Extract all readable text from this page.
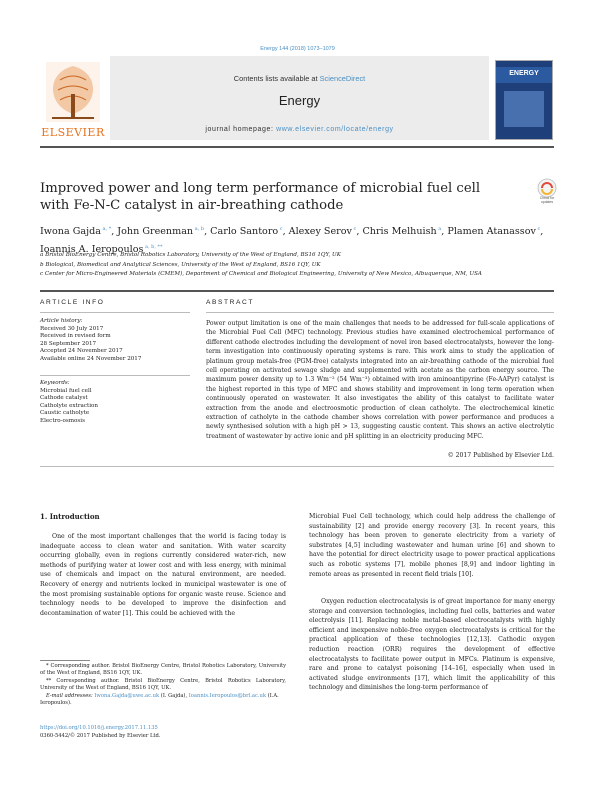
Energy 144 (2018) 1073–1079
ELSEVIER
Contents lists available at ScienceDirect
Energy
journal homepage: www.elsevier.com/locate/energy
ENERGY
Check for updates
Improved power and long term performance of microbial fuel cell with Fe-N-C catalyst in air-breathing cathode
Iwona Gajda $^{a, *}$, John Greenman $^{a, b}$, Carlo Santoro $^c$, Alexey Serov $^c$, Chris Melhuish $^a$, Plamen Atanassov $^c$, Ioannis A. Ieropoulos $^{a, b, **}$
a Bristol BioEnergy Centre, Bristol Robotics Laboratory, University of the West of England, BS16 1QY, UK
b Biological, Biomedical and Analytical Sciences, University of the West of England, BS16 1QY, UK
c Center for Micro-Engineered Materials (CMEM), Department of Chemical and Biological Engineering, University of New Mexico, Albuquerque, NM, USA
ARTICLE INFO
Article history:
Received 30 July 2017
Received in revised form
28 September 2017
Accepted 24 November 2017
Available online 24 November 2017
Keywords:
Microbial fuel cell
Cathode catalyst
Catholyte extraction
Caustic catholyte
Electro-osmosis
ABSTRACT
Power output limitation is one of the main challenges that needs to be addressed for full-scale applications of the Microbial Fuel Cell (MFC) technology. Previous studies have examined electrochemical performance of different cathode electrodes including the development of novel iron based electrocatalysts, however the long-term investigation into continuously operating systems is rare. This work aims to study the application of platinum group metals-free (PGM-free) catalysts integrated into an air-breathing cathode of the microbial fuel cell operating on activated sewage sludge and supplemented with acetate as the carbon energy source. The maximum power density up to 1.3 Wm⁻² (54 Wm⁻³) obtained with iron aminoantipyrine (Fe-AAPyr) catalyst is the highest reported in this type of MFC and shows stability and improvement in long term operation when continuously operated on wastewater. It also investigates the ability of this catalyst to facilitate water extraction from the anode and electroosmotic production of clean catholyte. The electrochemical kinetic extraction of catholyte in the cathode chamber shows correlation with power performance and produces a newly synthesised solution with a high pH > 13, suggesting caustic content. This shows an active electrolytic treatment of wastewater by active ionic and pH splitting in an electricity producing MFC.
© 2017 Published by Elsevier Ltd.
1. Introduction
One of the most important challenges that the world is facing today is inadequate access to clean water and sanitation. With water scarcity occurring globally, even in regions currently considered water-rich, new methods of purifying water at lower cost and with less energy, with minimal use of chemicals and impact on the natural environment, are needed. Recovery of energy and nutrients locked in municipal wastewater is one of the most promising sustainable options for organic waste reuse. Science and technology needs to be developed to improve the disinfection and decontamination of water [1]. This could be achieved with the
Microbial Fuel Cell technology, which could help address the challenge of sustainability [2] and provide energy recovery [3]. In recent years, this technology has been proven to generate electricity from a variety of substrates [4,5] including wastewater and human urine [6] and shown to have the potential for direct electricity usage to power practical applications such as robotic systems [7], mobile phones [8,9] and indoor lighting in remote areas as presented in recent field trials [10].
Oxygen reduction electrocatalysis is of great importance for many energy storage and conversion technologies, including fuel cells, batteries and water electrolysis [11]. Replacing noble metal-based electrocatalysts with highly efficient and inexpensive noble-free oxygen electrocatalysts is critical for the practical application of these technologies [12,13]. Cathodic oxygen reduction reaction (ORR) requires the development of effective electrocatalysts to facilitate power output in MFCs. Platinum is expensive, rare and prone to catalyst poisoning [14–16], especially when used in activated sludge environments [17], which limit the applicability of this technology and diminishes the long-term performance of
* Corresponding author. Bristol BioEnergy Centre, Bristol Robotics Laboratory, University of the West of England, BS16 1QY, UK.
** Corresponding author. Bristol BioEnergy Centre, Bristol Robotics Laboratory, University of the West of England, BS16 1QY, UK.
E-mail addresses: Iwona.Gajda@uwe.ac.uk (I. Gajda), Ioannis.Ieropoulos@brl.ac.uk (I.A. Ieropoulos).
https://doi.org/10.1016/j.energy.2017.11.135
0360-5442/© 2017 Published by Elsevier Ltd.
